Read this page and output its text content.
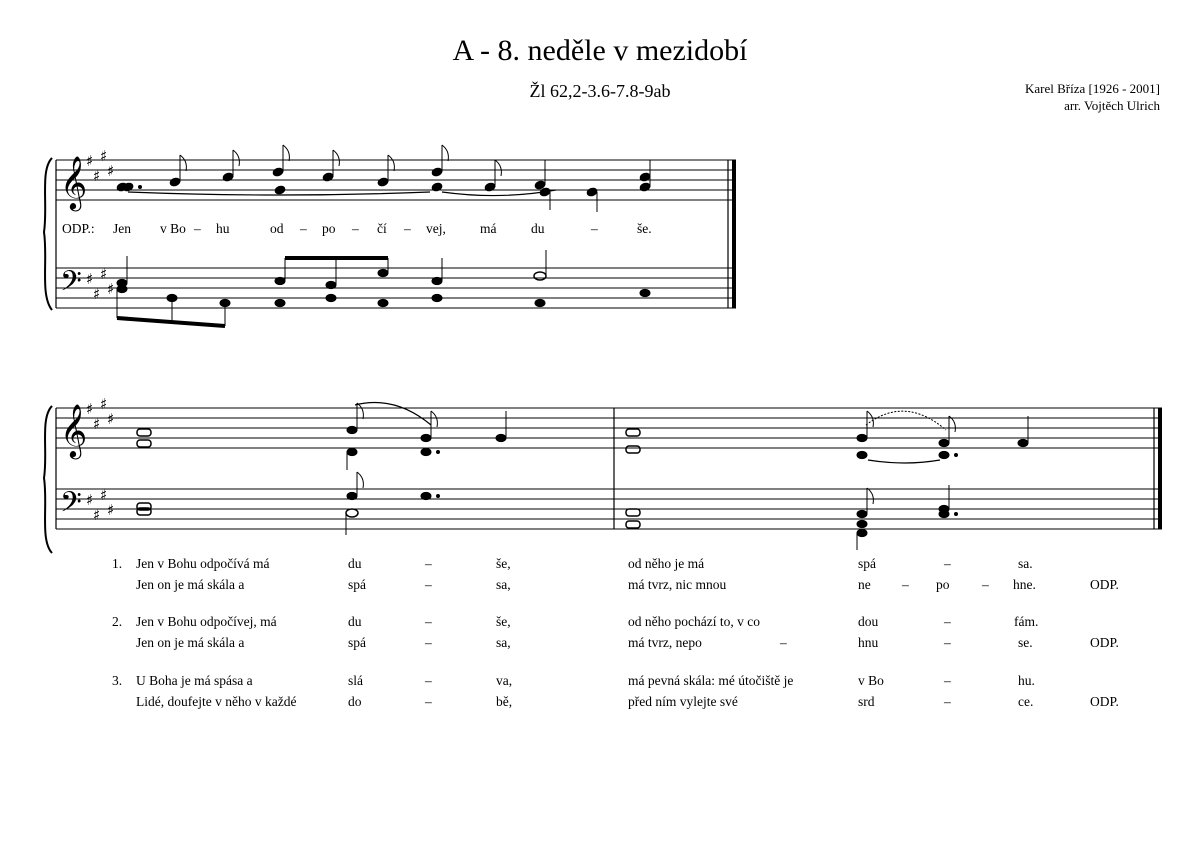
A - 8. neděle v mezidobí
Žl 62,2-3.6-7.8-9ab	Karel Bříza [1926 - 2001]
arr. Vojtěch Ulrich
𝄞
𝄢
♯
♯
♯
♯
♯
♯
♯
♯
ODP.: Jen v Bo – hu	od – po – čí – vej,	má	du	–	še.
𝄞
𝄢
♯
♯
♯
♯
♯
♯
♯
♯
1. Jen v Bohu odpočívá má	du	–	še,	od něho je má	spá	–	sa.
Jen on je má skála a	spá	–	sa,	má tvrz, nic mnou	ne – po – hne.	ODP.
2. Jen v Bohu odpočívej, má	du	–	še,	od něho pochází to, v co	dou	–	fám.
Jen on je má skála a	spá	–	sa,	má tvrz, nepo	–	hnu	–	se.	ODP.
3. U Boha je má spása a	slá	–	va,	má pevná skála: mé útočiště je	v Bo	–	hu.
Lidé, doufejte v něho v každé	do	–	bě,	před ním vylejte své	srd	–	ce.	ODP.
